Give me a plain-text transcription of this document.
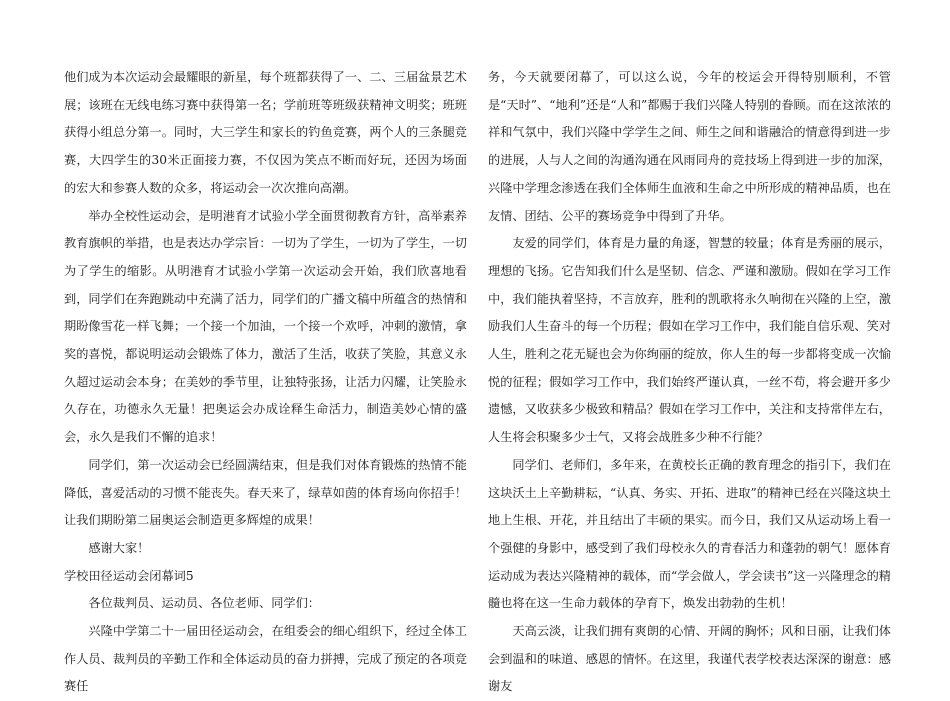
他们成为本次运动会最耀眼的新星，每个班都获得了一、二、三届盆景艺术展；该班在无线电练习赛中获得第一名；学前班等班级获精神文明奖；班班获得小组总分第一。同时，大三学生和家长的钓鱼竞赛，两个人的三条腿竞赛，大四学生的30米正面接力赛，不仅因为笑点不断而好玩，还因为场面的宏大和参赛人数的众多，将运动会一次次推向高潮。

举办全校性运动会，是明港育才试验小学全面贯彻教育方针，高举素养教育旗帜的举措，也是表达办学宗旨：一切为了学生，一切为了学生，一切为了学生的缩影。从明港育才试验小学第一次运动会开始，我们欣喜地看到，同学们在奔跑跳动中充满了活力，同学们的广播文稿中所蕴含的热情和期盼像雪花一样飞舞；一个接一个加油，一个接一个欢呼，冲刺的激情，拿奖的喜悦，都说明运动会锻炼了体力，激活了生活，收获了笑脸，其意义永久超过运动会本身；在美妙的季节里，让独特张扬，让活力闪耀，让笑脸永久存在，功德永久无量！把奥运会办成诠释生命活力，制造美妙心情的盛会，永久是我们不懈的追求！

同学们，第一次运动会已经圆满结束，但是我们对体育锻炼的热情不能降低，喜爱活动的习惯不能丧失。春天来了，绿草如茵的体育场向你招手！让我们期盼第二届奥运会制造更多辉煌的成果！

感谢大家！

学校田径运动会闭幕词5

各位裁判员、运动员、各位老师、同学们：

兴隆中学第二十一届田径运动会，在组委会的细心组织下，经过全体工作人员、裁判员的辛勤工作和全体运动员的奋力拼搏，完成了预定的各项竞赛任

务，今天就要闭幕了，可以这么说，今年的校运会开得特别顺利，不管是“天时”、“地利”还是“人和”都赐于我们兴隆人特别的眷顾。而在这浓浓的祥和气氛中，我们兴隆中学学生之间、师生之间和谐融洽的情意得到进一步的进展，人与人之间的沟通沟通在风雨同舟的竞技场上得到进一步的加深，兴隆中学理念渗透在我们全体师生血液和生命之中所形成的精神品质，也在友情、团结、公平的赛场竞争中得到了升华。

友爱的同学们，体育是力量的角逐，智慧的较量；体育是秀丽的展示，理想的飞扬。它告知我们什么是坚韧、信念、严谨和激励。假如在学习工作中，我们能执着坚持，不言放弃，胜利的凯歌将永久响彻在兴隆的上空，激励我们人生奋斗的每一个历程；假如在学习工作中，我们能自信乐观、笑对人生，胜利之花无疑也会为你绚丽的绽放，你人生的每一步都将变成一次愉悦的征程；假如学习工作中，我们始终严谨认真，一丝不苟，将会避开多少遗憾，又收获多少极致和精品？假如在学习工作中，关注和支持常伴左右，人生将会积聚多少士气，又将会战胜多少种不行能？

同学们、老师们，多年来，在黄校长正确的教育理念的指引下，我们在这块沃土上辛勤耕耘，“认真、务实、开拓、进取”的精神已经在兴隆这块土地上生根、开花，并且结出了丰硕的果实。而今日，我们又从运动场上看一个强健的身影中，感受到了我们母校永久的青春活力和蓬勃的朝气！愿体育运动成为表达兴隆精神的载体，而“学会做人，学会读书”这一兴隆理念的精髓也将在这一生命力载体的孕育下，焕发出勃勃的生机！

天高云淡，让我们拥有爽朗的心情、开阔的胸怀；风和日丽，让我们体会到温和的味道、感恩的情怀。在这里，我谨代表学校表达深深的谢意：感谢友
